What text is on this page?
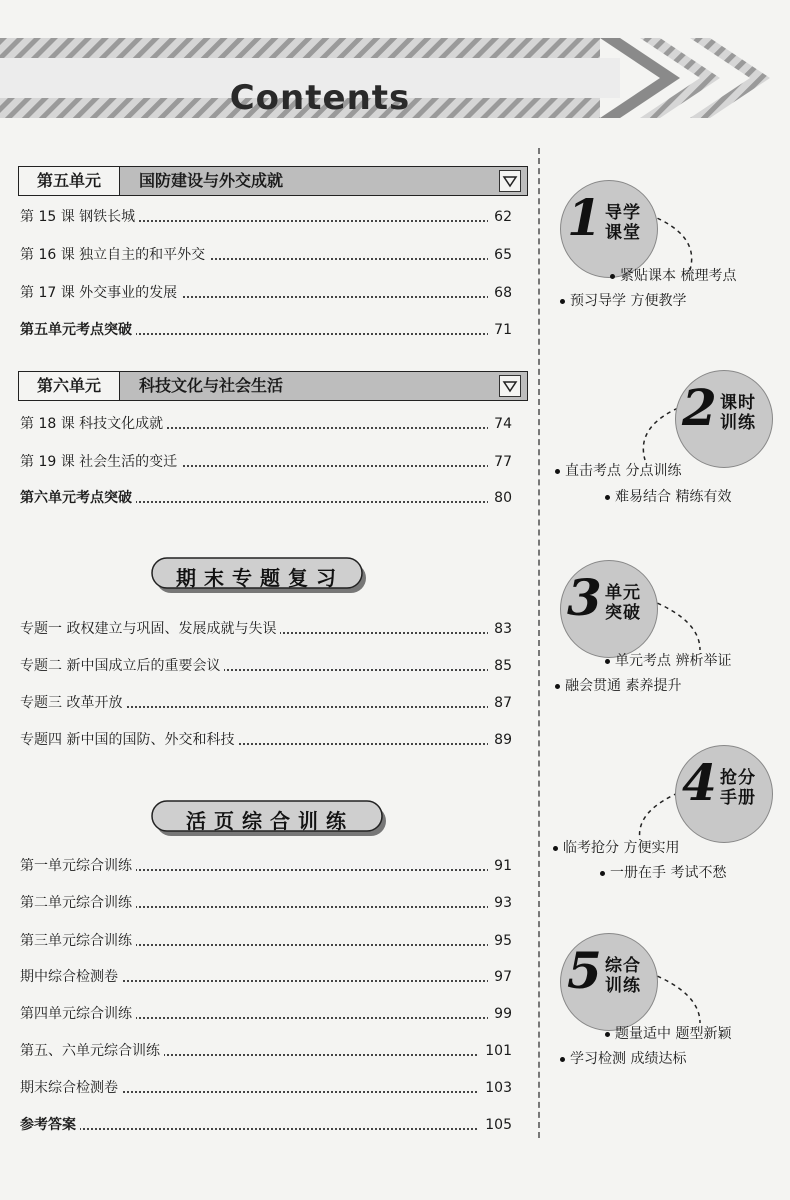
Contents
第五单元	国防建设与外交成就
第 15 课 钢铁长城	62
第 16 课 独立自主的和平外交	65
第 17 课 外交事业的发展	68
第五单元考点突破	71
第六单元	科技文化与社会生活
第 18 课 科技文化成就	74
第 19 课 社会生活的变迁	77
第六单元考点突破	80
期末专题复习
专题一 政权建立与巩固、发展成就与失误	83
专题二 新中国成立后的重要会议	85
专题三 改革开放	87
专题四 新中国的国防、外交和科技	89
活页综合训练
第一单元综合训练	91
第二单元综合训练	93
第三单元综合训练	95
期中综合检测卷	97
第四单元综合训练	99
第五、六单元综合训练	101
期末综合检测卷	103
参考答案	105
1 导学课堂
紧贴课本 梳理考点
预习导学 方便教学
2 课时训练
直击考点 分点训练
难易结合 精练有效
3 单元突破
单元考点 辨析举证
融会贯通 素养提升
4 抢分手册
临考抢分 方便实用
一册在手 考试不愁
5 综合训练
题量适中 题型新颖
学习检测 成绩达标
